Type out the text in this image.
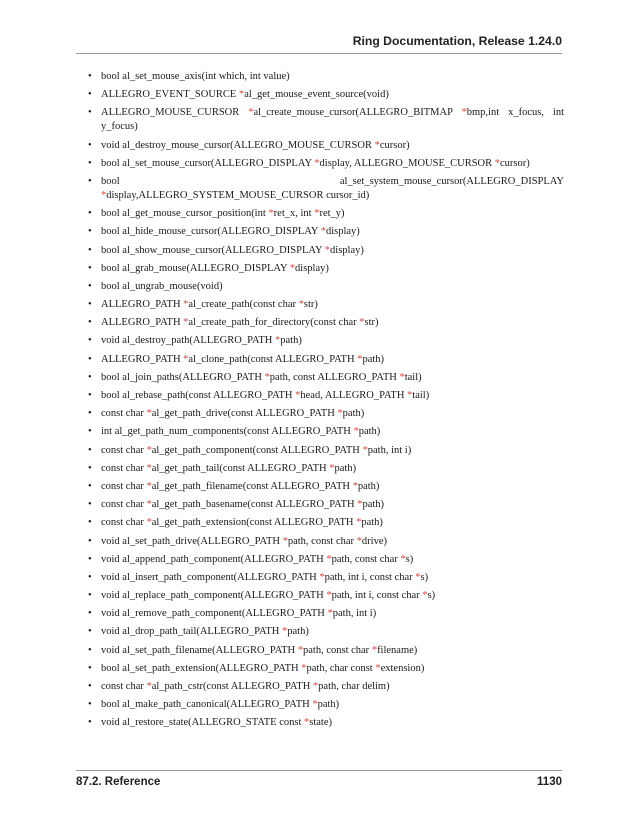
Ring Documentation, Release 1.24.0
• bool al_set_mouse_axis(int which, int value)
• ALLEGRO_EVENT_SOURCE *al_get_mouse_event_source(void)
• ALLEGRO_MOUSE_CURSOR *al_create_mouse_cursor(ALLEGRO_BITMAP *bmp,int x_focus, int y_focus)
• void al_destroy_mouse_cursor(ALLEGRO_MOUSE_CURSOR *cursor)
• bool al_set_mouse_cursor(ALLEGRO_DISPLAY *display, ALLEGRO_MOUSE_CURSOR *cursor)
• bool al_set_system_mouse_cursor(ALLEGRO_DISPLAY *display,ALLEGRO_SYSTEM_MOUSE_CURSOR cursor_id)
• bool al_get_mouse_cursor_position(int *ret_x, int *ret_y)
• bool al_hide_mouse_cursor(ALLEGRO_DISPLAY *display)
• bool al_show_mouse_cursor(ALLEGRO_DISPLAY *display)
• bool al_grab_mouse(ALLEGRO_DISPLAY *display)
• bool al_ungrab_mouse(void)
• ALLEGRO_PATH *al_create_path(const char *str)
• ALLEGRO_PATH *al_create_path_for_directory(const char *str)
• void al_destroy_path(ALLEGRO_PATH *path)
• ALLEGRO_PATH *al_clone_path(const ALLEGRO_PATH *path)
• bool al_join_paths(ALLEGRO_PATH *path, const ALLEGRO_PATH *tail)
• bool al_rebase_path(const ALLEGRO_PATH *head, ALLEGRO_PATH *tail)
• const char *al_get_path_drive(const ALLEGRO_PATH *path)
• int al_get_path_num_components(const ALLEGRO_PATH *path)
• const char *al_get_path_component(const ALLEGRO_PATH *path, int i)
• const char *al_get_path_tail(const ALLEGRO_PATH *path)
• const char *al_get_path_filename(const ALLEGRO_PATH *path)
• const char *al_get_path_basename(const ALLEGRO_PATH *path)
• const char *al_get_path_extension(const ALLEGRO_PATH *path)
• void al_set_path_drive(ALLEGRO_PATH *path, const char *drive)
• void al_append_path_component(ALLEGRO_PATH *path, const char *s)
• void al_insert_path_component(ALLEGRO_PATH *path, int i, const char *s)
• void al_replace_path_component(ALLEGRO_PATH *path, int i, const char *s)
• void al_remove_path_component(ALLEGRO_PATH *path, int i)
• void al_drop_path_tail(ALLEGRO_PATH *path)
• void al_set_path_filename(ALLEGRO_PATH *path, const char *filename)
• bool al_set_path_extension(ALLEGRO_PATH *path, char const *extension)
• const char *al_path_cstr(const ALLEGRO_PATH *path, char delim)
• bool al_make_path_canonical(ALLEGRO_PATH *path)
• void al_restore_state(ALLEGRO_STATE const *state)
87.2. Reference	1130
